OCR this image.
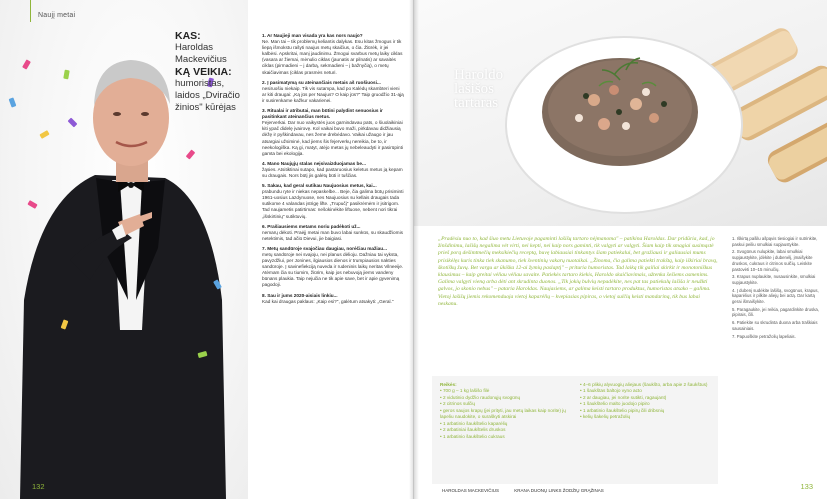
Naujį metai
KAS:
Haroldas
Mackevičius
KĄ VEIKIA:
humoristas,
laidos „Dviračio
žinios" kūrėjas
1. Ar Naujieji man visada yra kas nors naujo?
Ne. Man tai – tik problemų keliantis dalykas. Esu kitas žmogus ir tik liepą išmokstu rašyti naujus metų skaičius, o čia. Žiūrėk, ir jei kalbėsi. Apskritai, manį jaudinimu. Žmogui svarbus metų laiky ciklas (vasara ar žiemai, mėnulio ciklas (jaunatis ar pilnatis) ar savaitės ciklas (pirmadieni – į darbą, sekmadieni – į bažnyčią), o metų skaičiavimas (ciklas prasmės neturi.
2. Į pasimatymą su ateinančiais metais aš ruošiuosi...
nesiruošiu niekaip. Tik vis sutampa, kad po Kalėdų skambteri vieni ar kiti draugai: „Ką jūs per Naujus? O kaip jūs?" Taip gruodžio 31-ąją ir susirenkame kažkur vakarienei.
3. Ritualai ir atributai, man būtini palydint senuosius ir pasitinkant ateinančius metus.
Fejerverkai. Dar nuo vaikystės juos garnindavau pats, o šiuolaikiniai kiti ypač didelę įvairovę. Kol vaikai buvo maži, pirkdavau didžiausią dėžę ir pyškindavau, nes žeme drebėdavo. Vaikai užaugo ir jau atsargiai užsiminė, kad jiems šis fejerverkų nereikia, be to, ir neekologiška. Ką gi, matyt, atėjo metas jų nebeleaudyti ir pasirūpinti gamta bei ekologija.
4. Mano Naujųjų stalas neįsivaizduojamas be...
žąsies. Atsitiktinai sutapo, kad pastaruosius keletus metus ją kepam su draugais. Nors būtį jis galėtų būti ir tuščias.
5. Sakau, kad geral sutikau Naujuosius metus, kai...
prabundu ryte ir niekas nepaskelbe... Beje, čia galima būtų prisiminti 1961-uosius Lazdynuose, nes Naujuosius su kellais draugais tada sutikome 4 valandas įstrigę lifte. „Trupučį" pasikrėmėm ir įsitrigom. Tad naujametis patirtimas: nešokinėkite liftuose, nebent nori tikrai „išskirtinių" sutiktuvių.
6. Prašiausiems metams noriu padėkoti už...
nemarų dėkoti. Praėjį metai man buvo labai sunkūs, su skaudžiomis netektimis, tad ačiū Dievui, jie baigiasi.
7. Metų sandūroje svajočiau daugiau, norėčiau mažiau...
metų sandūroje nei svajoju, nei planus dėlioju. Dažniau tai vyksta, pavyzdžiui, per Jonines, ilgiausios dienos ir trumpiausios nakties sandūroje. Į savinefiekciją nuveda ir rudeninis laikų neritas Vilneeije. Atėmam čia su tiumim, žiūrim, kaip jos nebuvoją jiems vandeny būnans plaukia. Taip nejučia ne tik apie save, bet ir apie gyvenimą pagodoji.
8. Sau ir jums 2020-aisiais linkiu...
Kad kai draugas paklaus: „Kaip esi?", galėtum atsakyti: „Geral."
132
Haroldo
lašišos
tartaras
„Pradėsiu nuo to, kad šiuo metu Lietuvoje pagaminti lašišų tartaro nėjmanoma" – patikina Haroldas. Dar pridūria, kad, jo žinšdinimu, lašišų negalima vėt virti, nei kepti, nei kaip nors gaminti, tik valgyti ar valgyti. Šiam kaip tik smagiai susimąstė prieš porą dešimtmečių meksikiečių receptą, buvę labiausiai tinkantys šiam patiekalui, bet gražiausi ir galiausiai mums prisikėlęs kuris tinka tiek skanumo, tiek šventinių vakarų nuotaikai. „Žinoma, čia galima patiekti trakštą, kaip iškiriai bravą, škotiškų žuvų. Bet vargu ar ūkiška 12-ai žymių paslaptį" – prituria humoristas. Tad laiką tik gailiai skirkit ir monotoniškus klausimus – kaip greitai vėliau vėliau savaite. Patiekės tartaro kiekis, Haroldo skaičiavimais, užtenka šešiems asmenims. Galima valgyti vieną arba dėti ant skrudinta duonos. „Tik jokių bulvių nepadėkite, nes pat tas patiekalų lašiša ir neužkti galvos, jo skonio nebus" – pataria Haroldas. Naujasiems, ar galima keisti tartaro produktus, humoristas atsako – galima. Vietoj lašišų jiemis rekomenduoja vietoj kaparėlių – kvepiasias pipiras, o vietoj sulčių keisti mandariną, tik bus labai neskanu.
Reikės:
• 700 g – 1 kg lašišo filė
• 2 vidutinio dydžio raudonųjų svogūnų
• 2 citrinos sulčių
• geros saujos krapų (jei prityti, jau metų laikas kaip norite) jų lapeliu naudokite, o suraškyti atskirai
• 1 arbatinio šaukštelio kaparėlių
• 2 arbatiniai šaukštelis druskos
• 1 arbatinio šaukštelio cukraus
• 4–6 plikių alyvuogių aliejaus (šaukšto, arba apie 2 šaukštus)
• 1 šaukštas baltojo vyno acto
• 2 ar daugiau, jei norite sutikti, ragaujant)
• 1 šaukštelio malto juodojo pipiro
• 1 arbatinio šaukštelio pipirų čili dribsnių
• kelių šakelių petražolių
1. Iškirtą pašilu ašpąvis tiesiogiai ir sutrinkite, paskui peiliu smulkiai supjaustykite.
2. Svogūnus nulupkite, labai smulkiai supjaustykite, įdėkite į dubenėlį, įmaišykite druskos, cukraus ir citrinos sulčių. Leiskite pastovėti 10–15 minučių.
3. Krapus nuplaukite, nusausinkite, smulkiai supjaustykite.
4. Į dubenį sudėkite lašišą, svogūnus, krapus, kaparėlius ir pilkite aliejų bei actą. Dar kartą gerai išmaišykite.
5. Paragaukite, jei reikia, pagardinkite druska, pipirais, čili.
6. Patiekite su skrudinta duona arba traškiais sausainiais.
7. Papuoškite petražolių lapeliais.
HAROLDAS MACKEVIČIUS	KRANA DUONŲ LINKS ŽODŽIŲ GRĄŽINAS	133
